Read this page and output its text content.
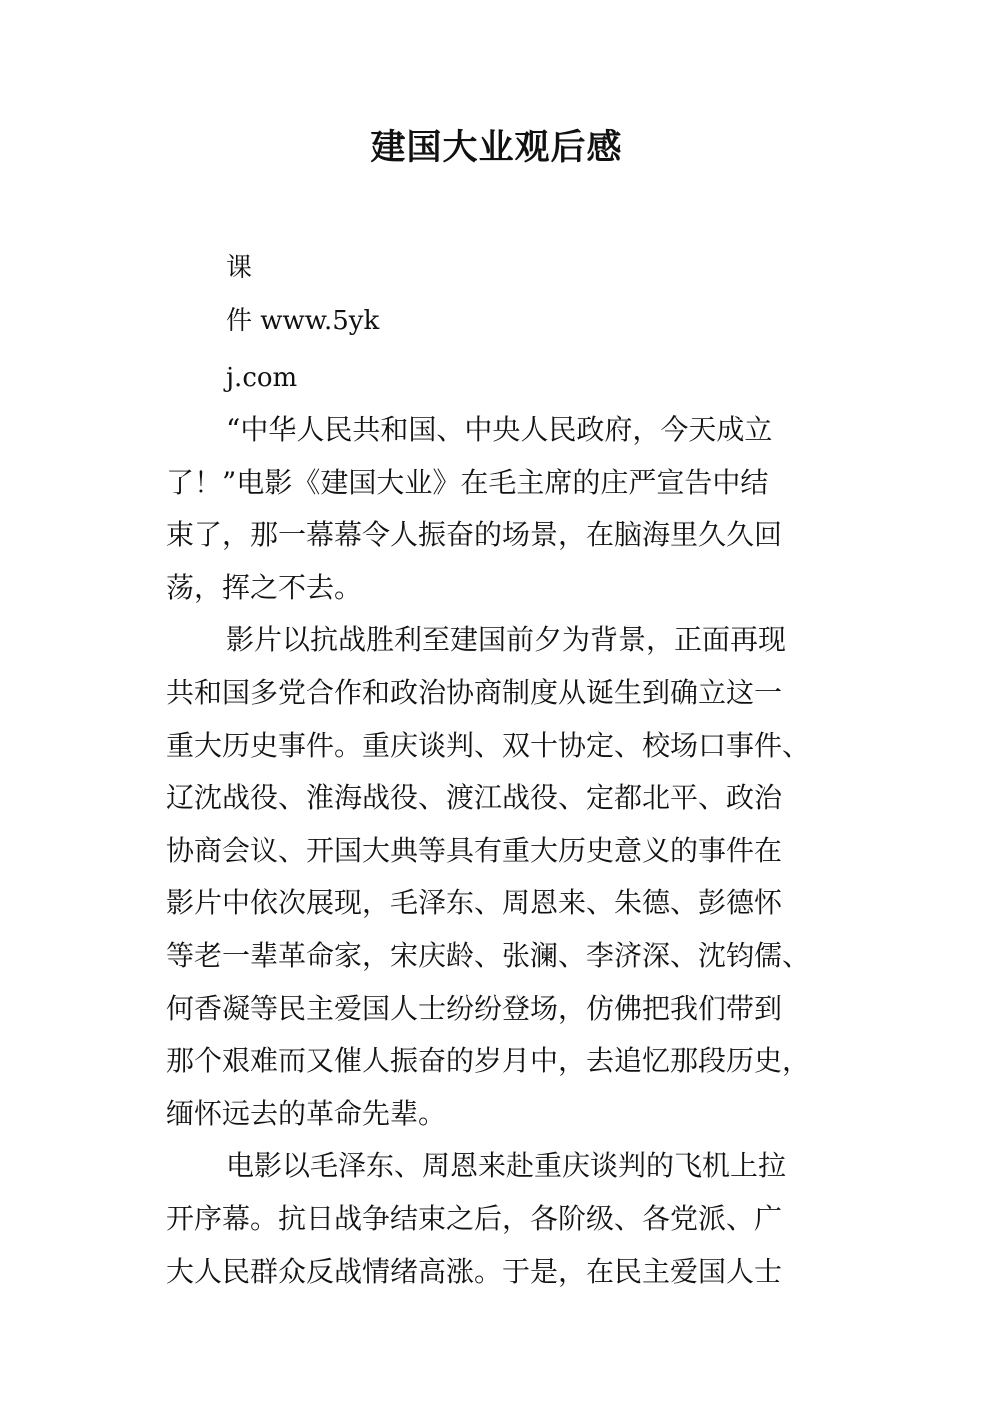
建国大业观后感
课
件 www.5yk
j.com
“中华人民共和国、中央人民政府，今天成立
了！”电影《建国大业》在毛主席的庄严宣告中结
束了，那一幕幕令人振奋的场景，在脑海里久久回
荡，挥之不去。
影片以抗战胜利至建国前夕为背景，正面再现
共和国多党合作和政治协商制度从诞生到确立这一
重大历史事件。重庆谈判、双十协定、校场口事件、
辽沈战役、淮海战役、渡江战役、定都北平、政治
协商会议、开国大典等具有重大历史意义的事件在
影片中依次展现，毛泽东、周恩来、朱德、彭德怀
等老一辈革命家，宋庆龄、张澜、李济深、沈钧儒、
何香凝等民主爱国人士纷纷登场，仿佛把我们带到
那个艰难而又催人振奋的岁月中，去追忆那段历史，
缅怀远去的革命先辈。
电影以毛泽东、周恩来赴重庆谈判的飞机上拉
开序幕。抗日战争结束之后，各阶级、各党派、广
大人民群众反战情绪高涨。于是，在民主爱国人士
